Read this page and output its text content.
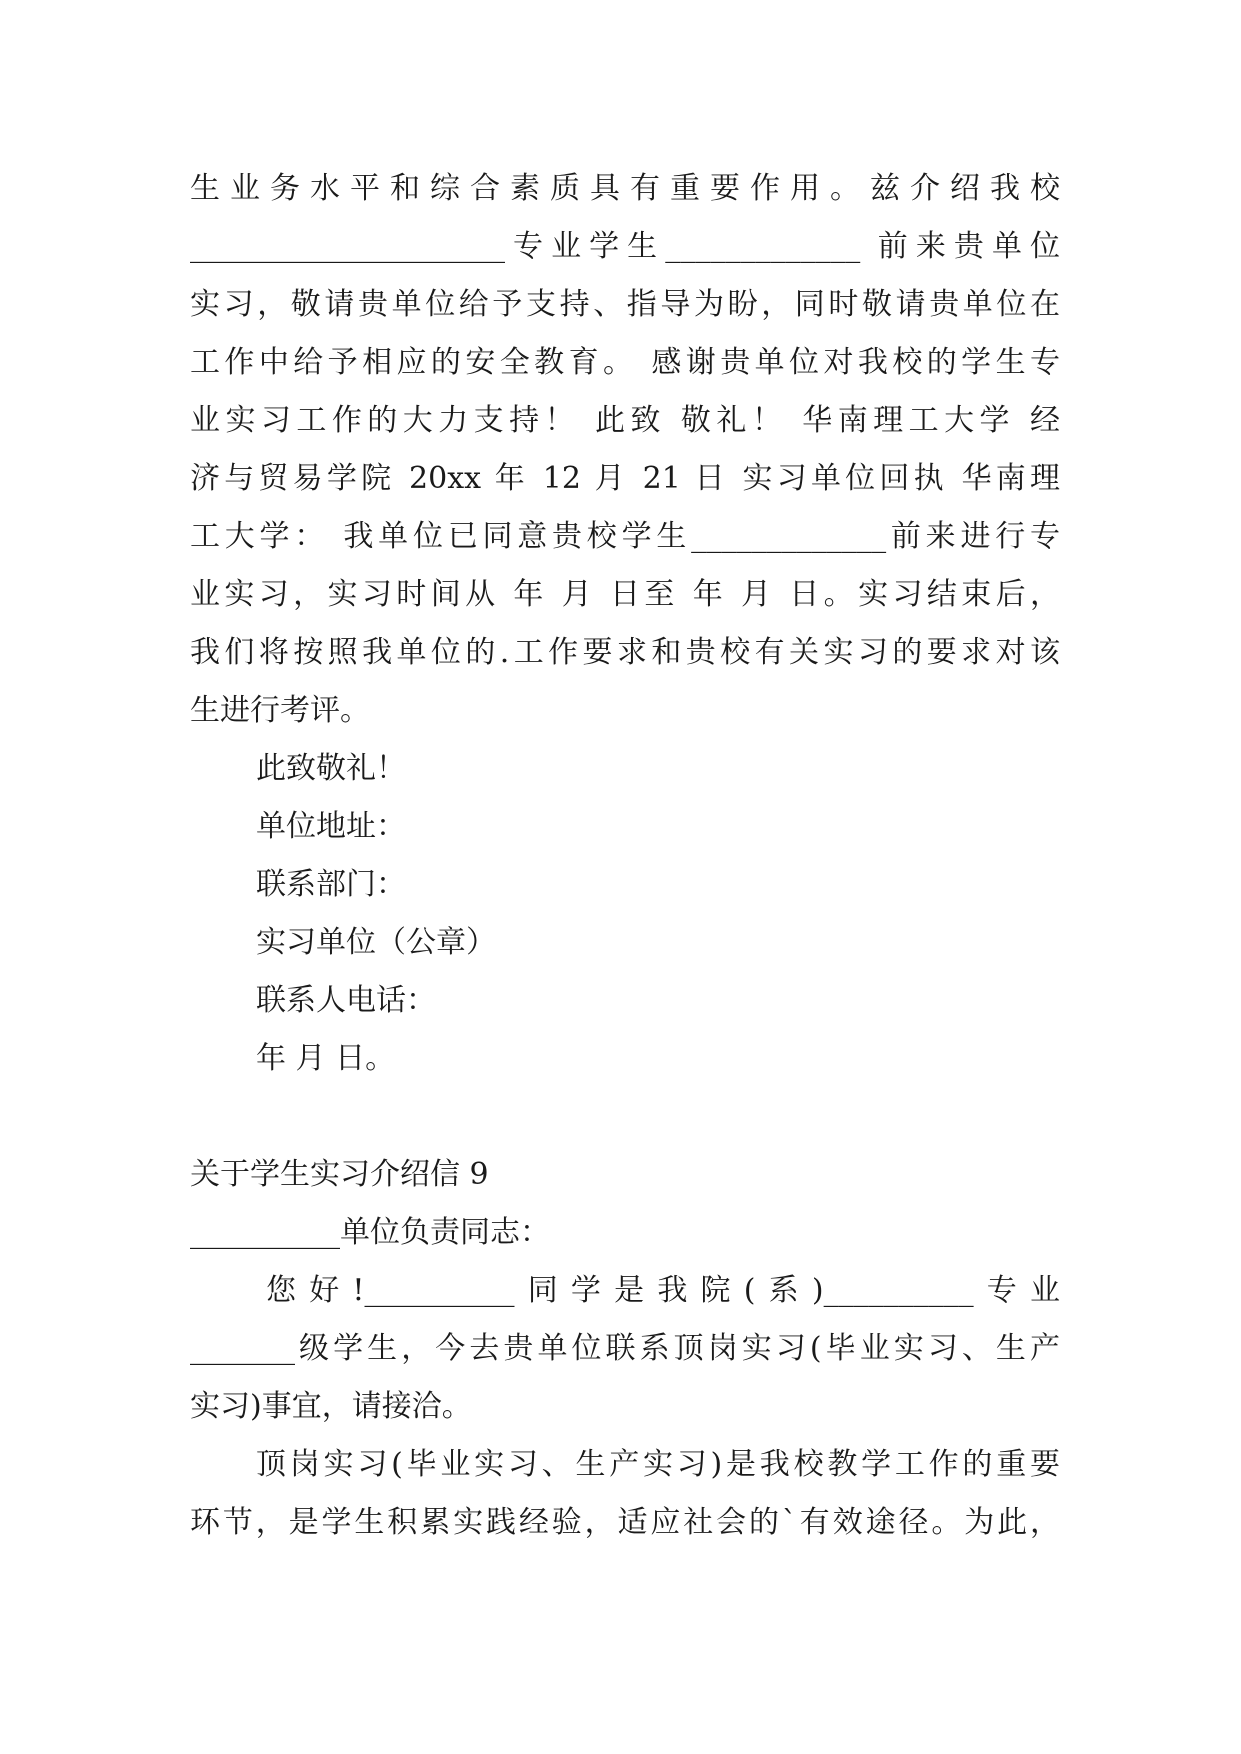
生业务水平和综合素质具有重要作用。兹介绍我校
_____________________专业学生_____________ 前来贵单位
实习，敬请贵单位给予支持、指导为盼，同时敬请贵单位在
工作中给予相应的安全教育。 感谢贵单位对我校的学生专
业实习工作的大力支持！ 此致 敬礼！ 华南理工大学 经
济与贸易学院 20xx 年 12 月 21 日 实习单位回执 华南理
工大学： 我单位已同意贵校学生_____________前来进行专
业实习，实习时间从 年 月 日至 年 月 日。实习结束后，
我们将按照我单位的.工作要求和贵校有关实习的要求对该
生进行考评。
此致敬礼！
单位地址：
联系部门：
实习单位（公章）
联系人电话：
年 月 日。
关于学生实习介绍信 9
__________单位负责同志：
您好!__________同学是我院(系)__________专业
_______级学生，今去贵单位联系顶岗实习(毕业实习、生产
实习)事宜，请接洽。
顶岗实习(毕业实习、生产实习)是我校教学工作的重要
环节，是学生积累实践经验，适应社会的`有效途径。为此，
